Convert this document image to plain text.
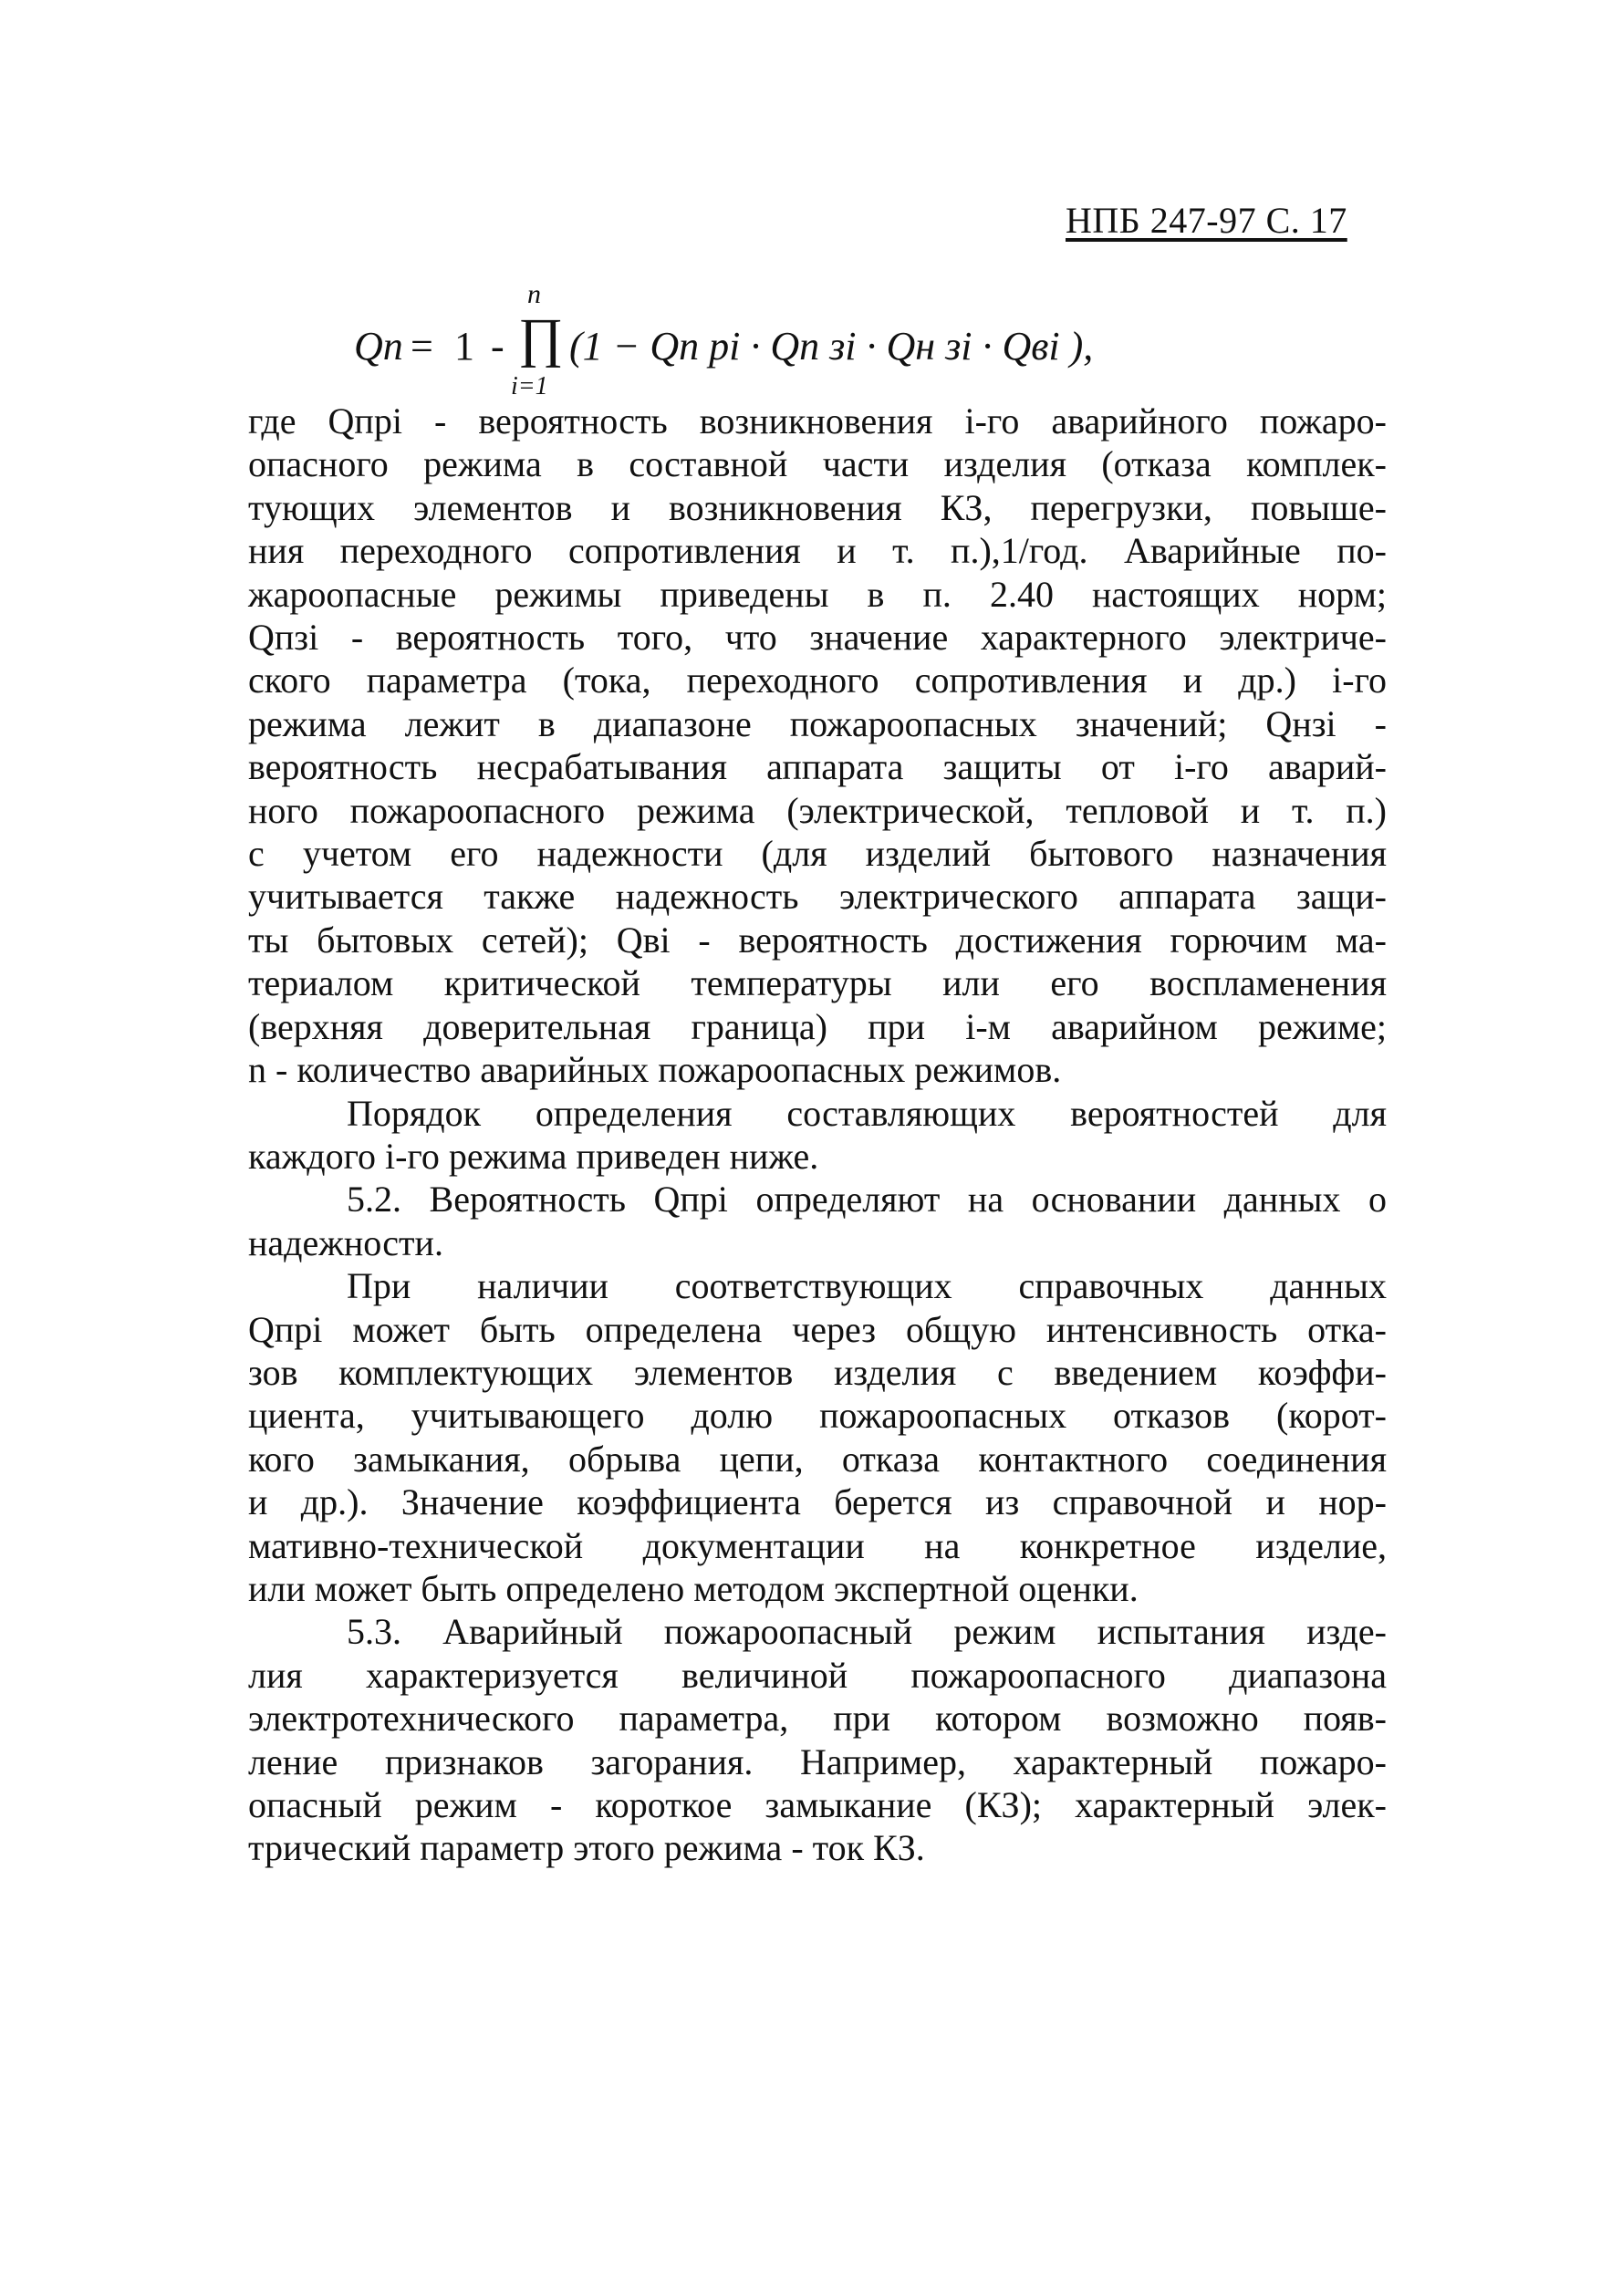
НПБ 247-97 С. 17
Qп = 1 -
n
∏
i=1
(1 − Qп рi · Qп зi · Qн зi · Qвi ),

где Qпрi - вероятность возникновения i-го аварийного пожаро-
опасного режима в составной части изделия (отказа комплек-
тующих элементов и возникновения КЗ, перегрузки, повыше-
ния переходного сопротивления и т. п.),1/год. Аварийные по-
жароопасные режимы приведены в п. 2.40 настоящих норм;
Qпзi - вероятность того, что значение характерного электриче-
ского параметра (тока, переходного сопротивления и др.) i-го
режима лежит в диапазоне пожароопасных значений; Qнзi -
вероятность несрабатывания аппарата защиты от i-го аварий-
ного пожароопасного режима (электрической, тепловой и т. п.)
с учетом его надежности (для изделий бытового назначения
учитывается также надежность электрического аппарата защи-
ты бытовых сетей); Qвi - вероятность достижения горючим ма-
териалом критической температуры или его воспламенения
(верхняя доверительная граница) при i-м аварийном режиме;
n - количество аварийных пожароопасных режимов.

Порядок определения составляющих вероятностей для
каждого i-го режима приведен ниже.

5.2. Вероятность Qпрi определяют на основании данных о
надежности.

При наличии соответствующих справочных данных
Qпрi может быть определена через общую интенсивность отка-
зов комплектующих элементов изделия с введением коэффи-
циента, учитывающего долю пожароопасных отказов (корот-
кого замыкания, обрыва цепи, отказа контактного соединения
и др.). Значение коэффициента берется из справочной и нор-
мативно-технической документации на конкретное изделие,
или может быть определено методом экспертной оценки.

5.3. Аварийный пожароопасный режим испытания изде-
лия характеризуется величиной пожароопасного диапазона
электротехнического параметра, при котором возможно появ-
ление признаков загорания. Например, характерный пожаро-
опасный режим - короткое замыкание (КЗ); характерный элек-
трический параметр этого режима - ток КЗ.
